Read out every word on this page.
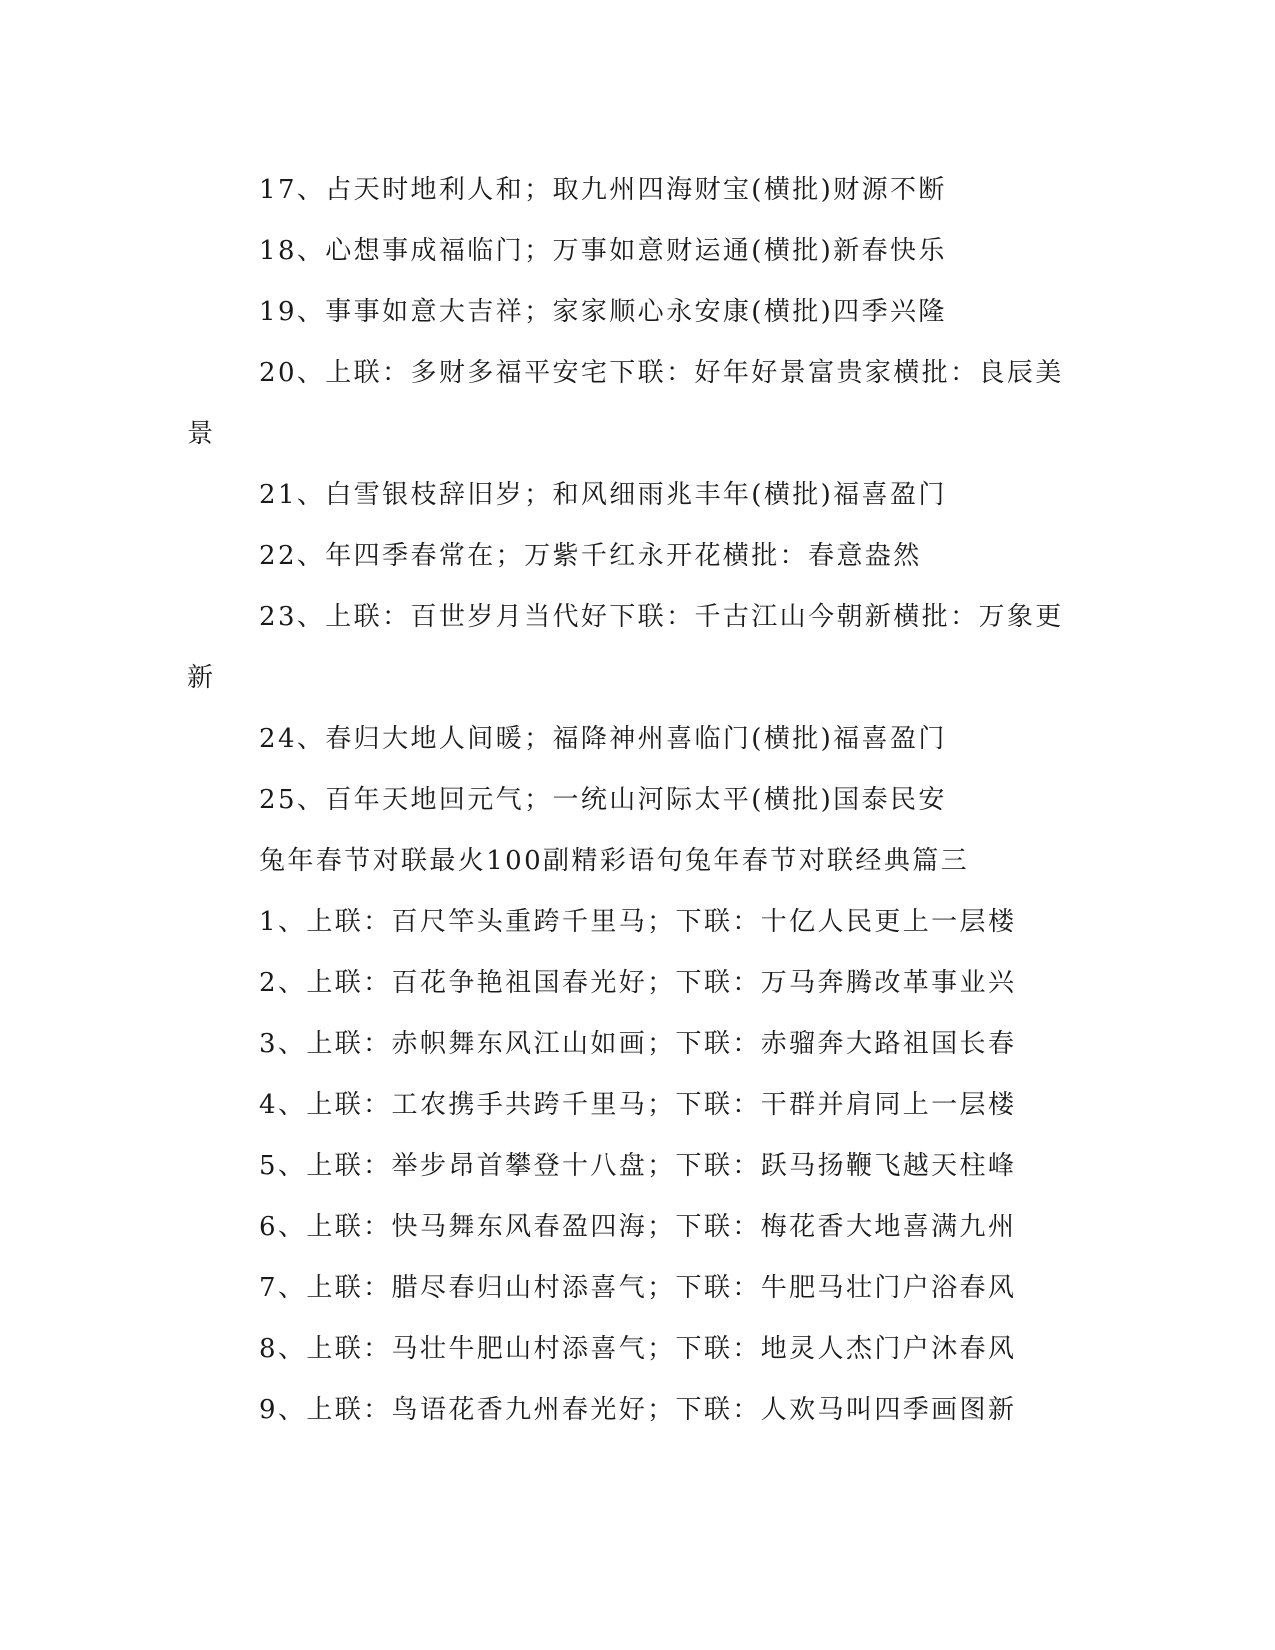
17、占天时地利人和；取九州四海财宝(横批)财源不断
18、心想事成福临门；万事如意财运通(横批)新春快乐
19、事事如意大吉祥；家家顺心永安康(横批)四季兴隆
20、上联：多财多福平安宅下联：好年好景富贵家横批：良辰美
景
21、白雪银枝辞旧岁；和风细雨兆丰年(横批)福喜盈门
22、年四季春常在；万紫千红永开花横批：春意盎然
23、上联：百世岁月当代好下联：千古江山今朝新横批：万象更
新
24、春归大地人间暖；福降神州喜临门(横批)福喜盈门
25、百年天地回元气；一统山河际太平(横批)国泰民安
兔年春节对联最火100副精彩语句兔年春节对联经典篇三
1、上联：百尺竿头重跨千里马；下联：十亿人民更上一层楼
2、上联：百花争艳祖国春光好；下联：万马奔腾改革事业兴
3、上联：赤帜舞东风江山如画；下联：赤骝奔大路祖国长春
4、上联：工农携手共跨千里马；下联：干群并肩同上一层楼
5、上联：举步昂首攀登十八盘；下联：跃马扬鞭飞越天柱峰
6、上联：快马舞东风春盈四海；下联：梅花香大地喜满九州
7、上联：腊尽春归山村添喜气；下联：牛肥马壮门户浴春风
8、上联：马壮牛肥山村添喜气；下联：地灵人杰门户沐春风
9、上联：鸟语花香九州春光好；下联：人欢马叫四季画图新
